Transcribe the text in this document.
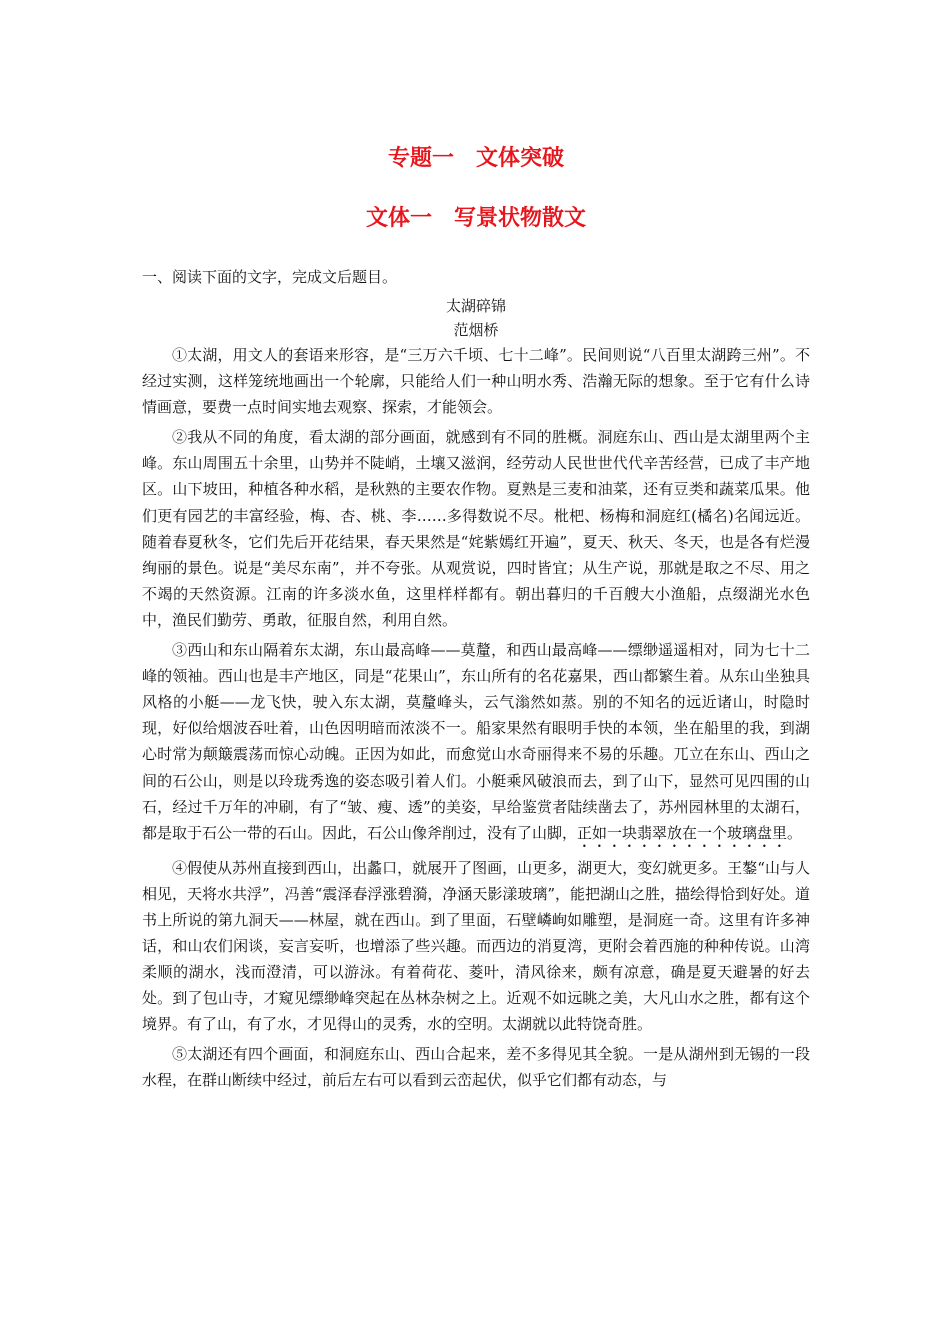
专题一　文体突破
文体一　写景状物散文
一、阅读下面的文字，完成文后题目。
太湖碎锦
范烟桥

①太湖，用文人的套语来形容，是“三万六千顷、七十二峰”。民间则说“八百里太湖跨三州”。不经过实测，这样笼统地画出一个轮廓，只能给人们一种山明水秀、浩瀚无际的想象。至于它有什么诗情画意，要费一点时间实地去观察、探索，才能领会。

②我从不同的角度，看太湖的部分画面，就感到有不同的胜概。洞庭东山、西山是太湖里两个主峰。东山周围五十余里，山势并不陡峭，土壤又滋润，经劳动人民世世代代辛苦经营，已成了丰产地区。山下坡田，种植各种水稻，是秋熟的主要农作物。夏熟是三麦和油菜，还有豆类和蔬菜瓜果。他们更有园艺的丰富经验，梅、杏、桃、李……多得数说不尽。枇杷、杨梅和洞庭红(橘名)名闻远近。随着春夏秋冬，它们先后开花结果，春天果然是“姹紫嫣红开遍”，夏天、秋天、冬天，也是各有烂漫绚丽的景色。说是“美尽东南”，并不夸张。从观赏说，四时皆宜；从生产说，那就是取之不尽、用之不竭的天然资源。江南的许多淡水鱼，这里样样都有。朝出暮归的千百艘大小渔船，点缀湖光水色中，渔民们勤劳、勇敢，征服自然，利用自然。

③西山和东山隔着东太湖，东山最高峰——莫釐，和西山最高峰——缥缈遥遥相对，同为七十二峰的领袖。西山也是丰产地区，同是“花果山”，东山所有的名花嘉果，西山都繁生着。从东山坐独具风格的小艇——龙飞快，驶入东太湖，莫釐峰头，云气滃然如蒸。别的不知名的远近诸山，时隐时现，好似给烟波吞吐着，山色因明暗而浓淡不一。船家果然有眼明手快的本领，坐在船里的我，到湖心时常为颠簸震荡而惊心动魄。正因为如此，而愈觉山水奇丽得来不易的乐趣。兀立在东山、西山之间的石公山，则是以玲珑秀逸的姿态吸引着人们。小艇乘风破浪而去，到了山下，显然可见四围的山石，经过千万年的冲刷，有了“皱、瘦、透”的美姿，早给鉴赏者陆续凿去了，苏州园林里的太湖石，都是取于石公一带的石山。因此，石公山像斧削过，没有了山脚，正如一块翡翠放在一个玻璃盘里。

④假使从苏州直接到西山，出蠡口，就展开了图画，山更多，湖更大，变幻就更多。王鏊“山与人相见，天将水共浮”，冯善“震泽春浮涨碧漪，净涵天影漾玻璃”，能把湖山之胜，描绘得恰到好处。道书上所说的第九洞天——林屋，就在西山。到了里面，石壁嶙峋如雕塑，是洞庭一奇。这里有许多神话，和山农们闲谈，妄言妄听，也增添了些兴趣。而西边的消夏湾，更附会着西施的种种传说。山湾柔顺的湖水，浅而澄清，可以游泳。有着荷花、菱叶，清风徐来，颇有凉意，确是夏天避暑的好去处。到了包山寺，才窥见缥缈峰突起在丛林杂树之上。近观不如远眺之美，大凡山水之胜，都有这个境界。有了山，有了水，才见得山的灵秀，水的空明。太湖就以此特饶奇胜。

⑤太湖还有四个画面，和洞庭东山、西山合起来，差不多得见其全貌。一是从湖州到无锡的一段水程，在群山断续中经过，前后左右可以看到云峦起伏，似乎它们都有动态，与
